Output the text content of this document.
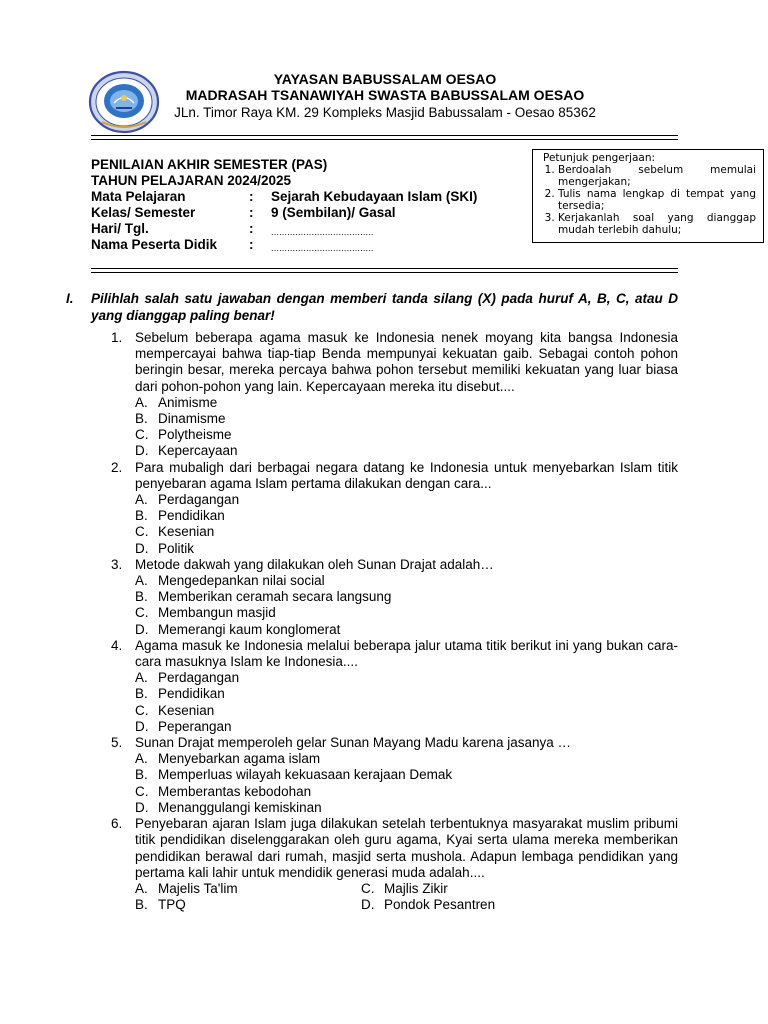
YAYASAN BABUSSALAM OESAO
MADRASAH TSANAWIYAH SWASTA BABUSSALAM OESAO
JLn. Timor Raya KM. 29 Kompleks Masjid Babussalam - Oesao 85362
PENILAIAN AKHIR SEMESTER (PAS)
TAHUN PELAJARAN 2024/2025
Mata Pelajaran	:	Sejarah Kebudayaan Islam (SKI)
Kelas/ Semester	:	9 (Sembilan)/ Gasal
Hari/ Tgl.	:	......................................
Nama Peserta Didik	:	......................................
Petunjuk pengerjaan:
1. Berdoalah sebelum memulai mengerjakan;
2. Tulis nama lengkap di tempat yang tersedia;
3. Kerjakanlah soal yang dianggap mudah terlebih dahulu;
I. Pilihlah salah satu jawaban dengan memberi tanda silang (X) pada huruf A, B, C, atau D yang dianggap paling benar!
1. Sebelum beberapa agama masuk ke Indonesia nenek moyang kita bangsa Indonesia mempercayai bahwa tiap-tiap Benda mempunyai kekuatan gaib. Sebagai contoh pohon beringin besar, mereka percaya bahwa pohon tersebut memiliki kekuatan yang luar biasa dari pohon-pohon yang lain. Kepercayaan mereka itu disebut....
A. Animisme
B. Dinamisme
C. Polytheisme
D. Kepercayaan
2. Para mubaligh dari berbagai negara datang ke Indonesia untuk menyebarkan Islam titik penyebaran agama Islam pertama dilakukan dengan cara...
A. Perdagangan
B. Pendidikan
C. Kesenian
D. Politik
3. Metode dakwah yang dilakukan oleh Sunan Drajat adalah…
A. Mengedepankan nilai social
B. Memberikan ceramah secara langsung
C. Membangun masjid
D. Memerangi kaum konglomerat
4. Agama masuk ke Indonesia melalui beberapa jalur utama titik berikut ini yang bukan cara-cara masuknya Islam ke Indonesia....
A. Perdagangan
B. Pendidikan
C. Kesenian
D. Peperangan
5. Sunan Drajat memperoleh gelar Sunan Mayang Madu karena jasanya …
A. Menyebarkan agama islam
B. Memperluas wilayah kekuasaan kerajaan Demak
C. Memberantas kebodohan
D. Menanggulangi kemiskinan
6. Penyebaran ajaran Islam juga dilakukan setelah terbentuknya masyarakat muslim pribumi titik pendidikan diselenggarakan oleh guru agama, Kyai serta ulama mereka memberikan pendidikan berawal dari rumah, masjid serta mushola. Adapun lembaga pendidikan yang pertama kali lahir untuk mendidik generasi muda adalah....
A. Majelis Ta'lim	C. Majlis Zikir
B. TPQ	D. Pondok Pesantren
